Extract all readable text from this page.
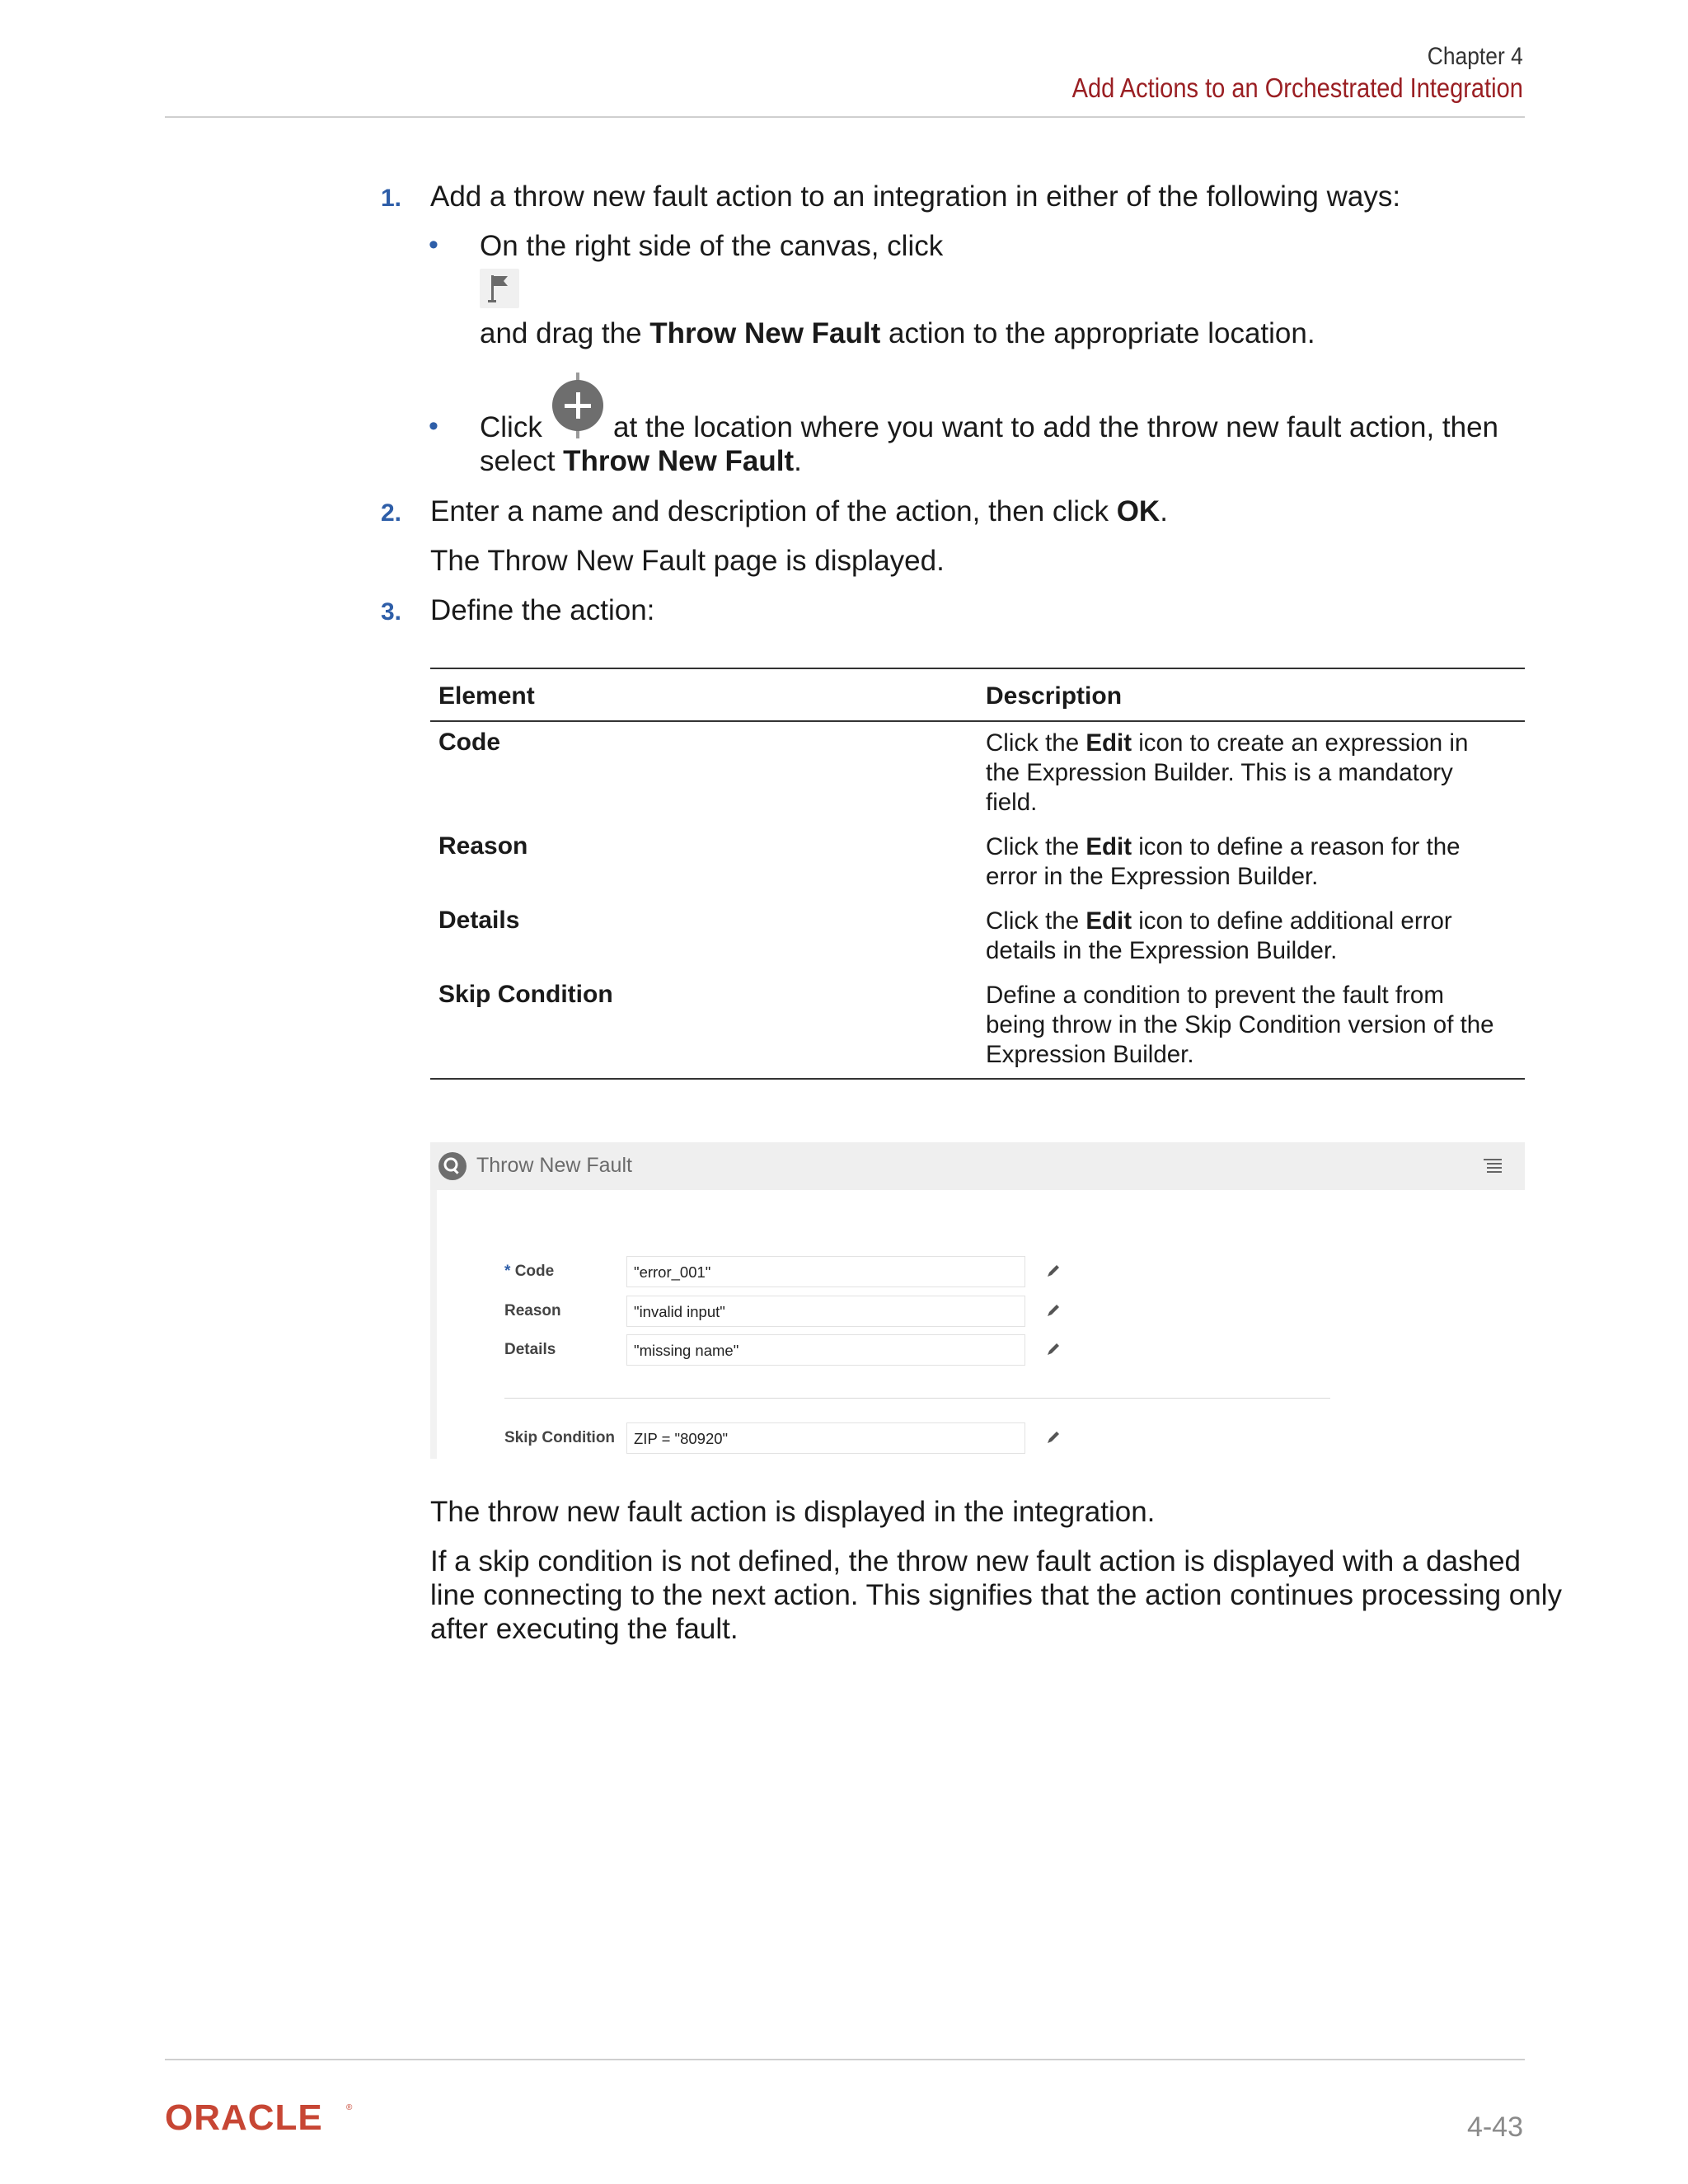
Chapter 4
Add Actions to an Orchestrated Integration
1. Add a throw new fault action to an integration in either of the following ways:
• On the right side of the canvas, click
and drag the Throw New Fault action to the appropriate location.
• Click at the location where you want to add the throw new fault action, then
select Throw New Fault.
2. Enter a name and description of the action, then click OK.
The Throw New Fault page is displayed.
3. Define the action:
Element	Description
Code	Click the Edit icon to create an expression in
the Expression Builder. This is a mandatory
field.
Reason	Click the Edit icon to define a reason for the
error in the Expression Builder.
Details	Click the Edit icon to define additional error
details in the Expression Builder.
Skip Condition	Define a condition to prevent the fault from
being throw in the Skip Condition version of the
Expression Builder.
Throw New Fault
* Code	"error_001"
Reason	"invalid input"
Details	"missing name"
Skip Condition ZIP = "80920"
The throw new fault action is displayed in the integration.
If a skip condition is not defined, the throw new fault action is displayed with a dashed
line connecting to the next action. This signifies that the action continues processing only
after executing the fault.
ORACLE	®
4-43
